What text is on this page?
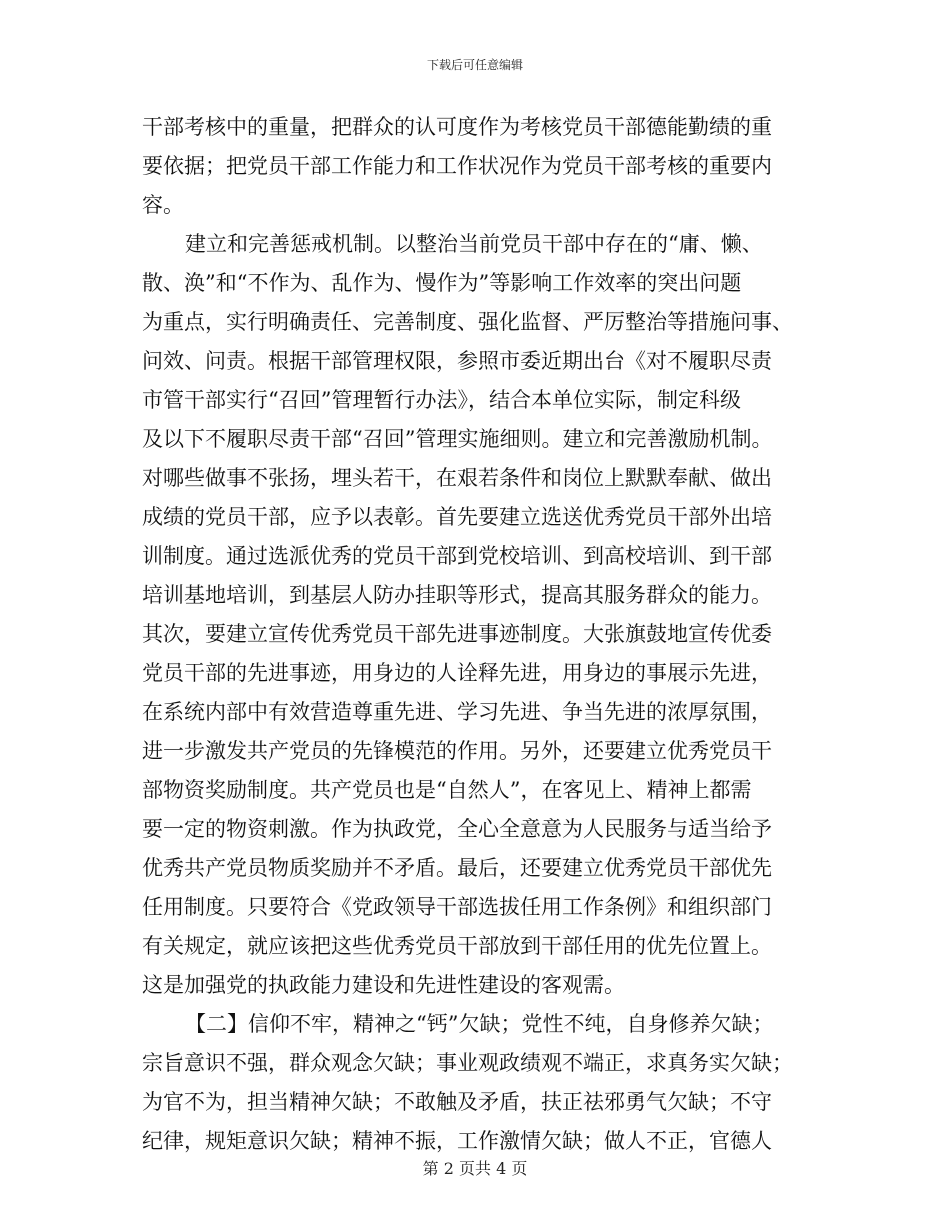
下载后可任意编辑
干部考核中的重量，把群众的认可度作为考核党员干部德能勤绩的重
要依据；把党员干部工作能力和工作状况作为党员干部考核的重要内
容。
建立和完善惩戒机制。以整治当前党员干部中存在的“庸、懒、
散、涣”和“不作为、乱作为、慢作为”等影响工作效率的突出问题
为重点，实行明确责任、完善制度、强化监督、严厉整治等措施问事、
问效、问责。根据干部管理权限，参照市委近期出台《对不履职尽责
市管干部实行“召回”管理暂行办法》，结合本单位实际，制定科级
及以下不履职尽责干部“召回”管理实施细则。建立和完善激励机制。
对哪些做事不张扬，埋头若干，在艰若条件和岗位上默默奉献、做出
成绩的党员干部，应予以表彰。首先要建立选送优秀党员干部外出培
训制度。通过选派优秀的党员干部到党校培训、到高校培训、到干部
培训基地培训，到基层人防办挂职等形式，提高其服务群众的能力。
其次，要建立宣传优秀党员干部先进事迹制度。大张旗鼓地宣传优委
党员干部的先进事迹，用身边的人诠释先进，用身边的事展示先进，
在系统内部中有效营造尊重先进、学习先进、争当先进的浓厚氛围，
进一步激发共产党员的先锋模范的作用。另外，还要建立优秀党员干
部物资奖励制度。共产党员也是“自然人”，在客见上、精神上都需
要一定的物资刺激。作为执政党，全心全意意为人民服务与适当给予
优秀共产党员物质奖励并不矛盾。最后，还要建立优秀党员干部优先
任用制度。只要符合《党政领导干部选拔任用工作条例》和组织部门
有关规定，就应该把这些优秀党员干部放到干部任用的优先位置上。
这是加强党的执政能力建设和先进性建设的客观需。
【二】信仰不牢，精神之“钙”欠缺；党性不纯，自身修养欠缺；
宗旨意识不强，群众观念欠缺；事业观政绩观不端正，求真务实欠缺；
为官不为，担当精神欠缺；不敢触及矛盾，扶正祛邪勇气欠缺；不守
纪律，规矩意识欠缺；精神不振，工作激情欠缺；做人不正，官德人
第 2 页共 4 页
